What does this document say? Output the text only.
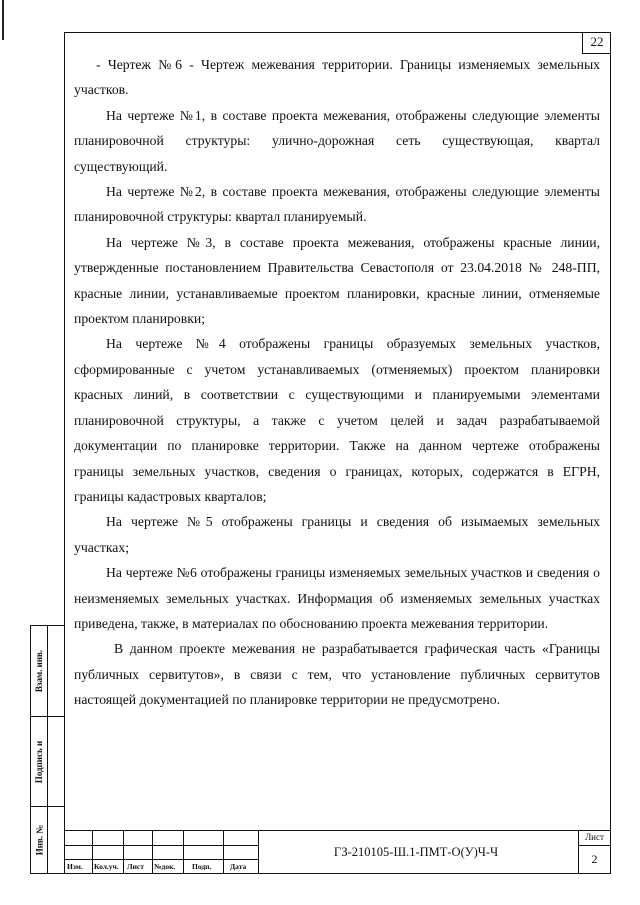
22

- Чертеж №6 - Чертеж межевания территории. Границы изменяемых земельных участков.

На чертеже №1, в составе проекта межевания, отображены следующие элементы планировочной структуры: улично-дорожная сеть существующая, квартал существующий.

На чертеже №2, в составе проекта межевания, отображены следующие элементы планировочной структуры: квартал планируемый.

На чертеже №3, в составе проекта межевания, отображены красные линии, утвержденные постановлением Правительства Севастополя от 23.04.2018 № 248-ПП, красные линии, устанавливаемые проектом планировки, красные линии, отменяемые проектом планировки;

На чертеже №4 отображены границы образуемых земельных участков, сформированные с учетом устанавливаемых (отменяемых) проектом планировки красных линий, в соответствии с существующими и планируемыми элементами планировочной структуры, а также с учетом целей и задач разрабатываемой документации по планировке территории. Также на данном чертеже отображены границы земельных участков, сведения о границах, которых, содержатся в ЕГРН, границы кадастровых кварталов;

На чертеже №5 отображены границы и сведения об изымаемых земельных участках;

На чертеже №6 отображены границы изменяемых земельных участков и сведения о неизменяемых земельных участках. Информация об изменяемых земельных участках приведена, также, в материалах по обоснованию проекта межевания территории.

В данном проекте межевания не разрабатывается графическая часть «Границы публичных сервитутов», в связи с тем, что установление публичных сервитутов настоящей документацией по планировке территории не предусмотрено.

Взам. инв.
Подпись и
Инв. №
Изм. Кол.уч. Лист №док. Подп. Дата
ГЗ-210105-Ш.1-ПМТ-О(У)Ч-Ч
Лист
2
